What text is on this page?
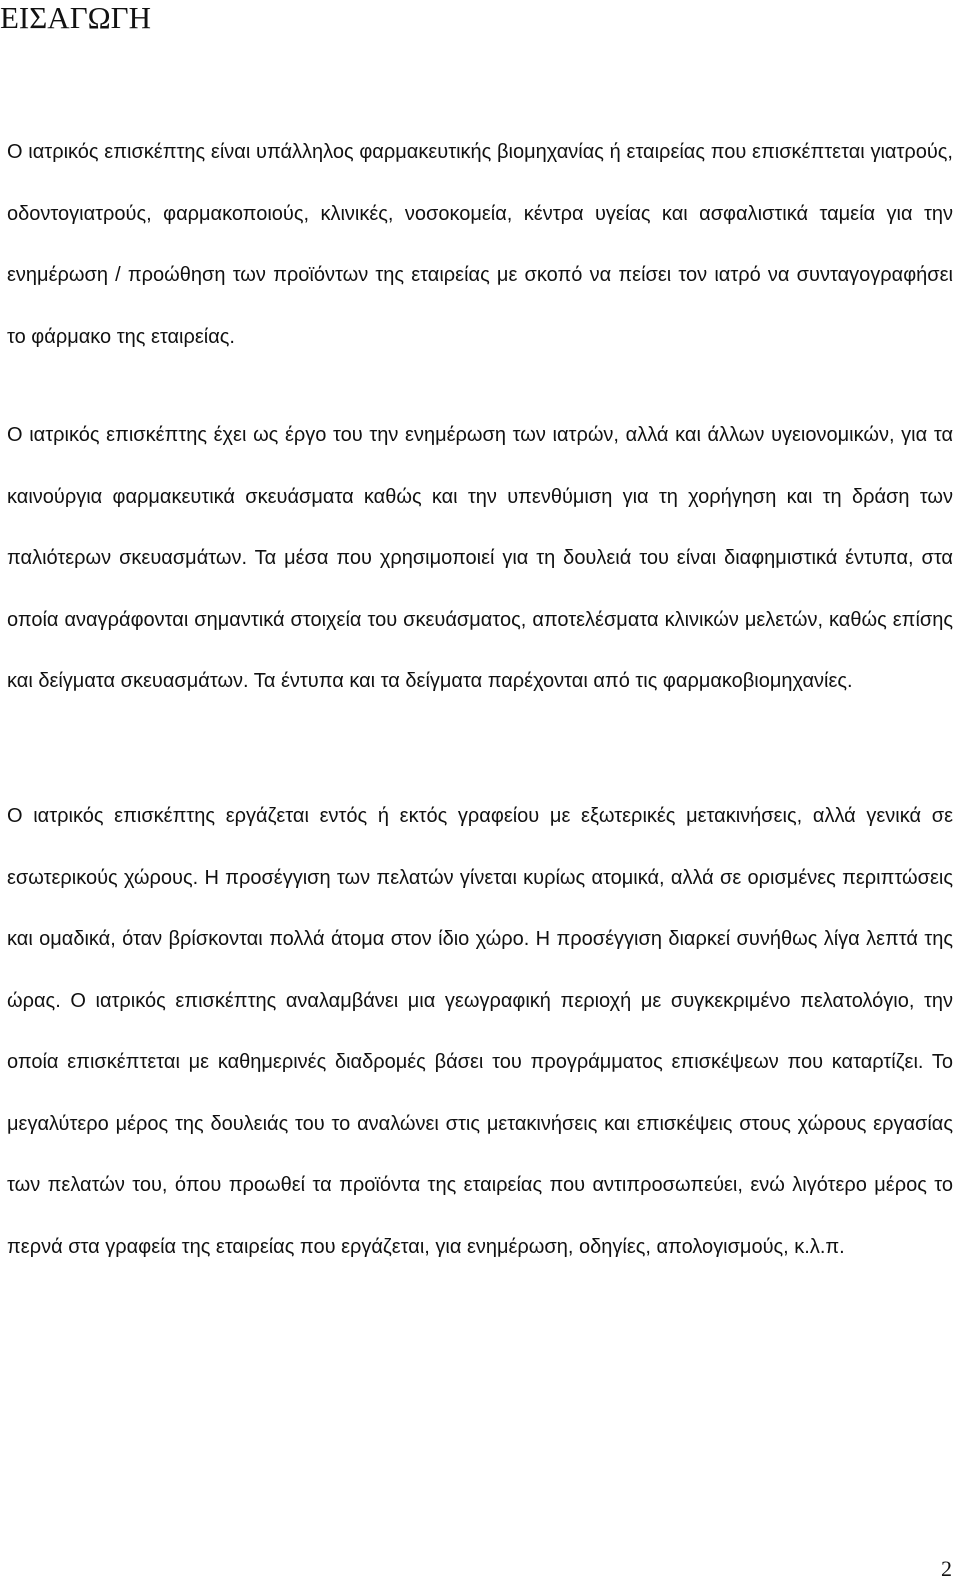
ΕΙΣΑΓΩΓΗ

Ο ιατρικός επισκέπτης είναι υπάλληλος φαρμακευτικής βιομηχανίας ή εταιρείας που επισκέπτεται γιατρούς, οδοντογιατρούς, φαρμακοποιούς, κλινικές, νοσοκομεία, κέντρα υγείας και ασφαλιστικά ταμεία για την ενημέρωση / προώθηση των προϊόντων της εταιρείας με σκοπό να πείσει τον ιατρό να συνταγογραφήσει το φάρμακο της εταιρείας.

Ο ιατρικός επισκέπτης έχει ως έργο του την ενημέρωση των ιατρών, αλλά και άλλων υγειονομικών, για τα καινούργια φαρμακευτικά σκευάσματα καθώς και την υπενθύμιση για τη χορήγηση και τη δράση των παλιότερων σκευασμάτων. Τα μέσα που χρησιμοποιεί για τη δουλειά του είναι διαφημιστικά έντυπα, στα οποία αναγράφονται σημαντικά στοιχεία του σκευάσματος, αποτελέσματα κλινικών μελετών, καθώς επίσης και δείγματα σκευασμάτων. Τα έντυπα και τα δείγματα παρέχονται από τις φαρμακοβιομηχανίες.

Ο ιατρικός επισκέπτης εργάζεται εντός ή εκτός γραφείου με εξωτερικές μετακινήσεις, αλλά γενικά σε εσωτερικούς χώρους. Η προσέγγιση των πελατών γίνεται κυρίως ατομικά, αλλά σε ορισμένες περιπτώσεις και ομαδικά, όταν βρίσκονται πολλά άτομα στον ίδιο χώρο. Η προσέγγιση διαρκεί συνήθως λίγα λεπτά της ώρας. Ο ιατρικός επισκέπτης αναλαμβάνει μια γεωγραφική περιοχή με συγκεκριμένο πελατολόγιο, την οποία επισκέπτεται με καθημερινές διαδρομές βάσει του προγράμματος επισκέψεων που καταρτίζει. Το μεγαλύτερο μέρος της δουλειάς του το αναλώνει στις μετακινήσεις και επισκέψεις στους χώρους εργασίας των πελατών του, όπου προωθεί τα προϊόντα της εταιρείας που αντιπροσωπεύει, ενώ λιγότερο μέρος το περνά στα γραφεία της εταιρείας που εργάζεται, για ενημέρωση, οδηγίες, απολογισμούς, κ.λ.π.

2
